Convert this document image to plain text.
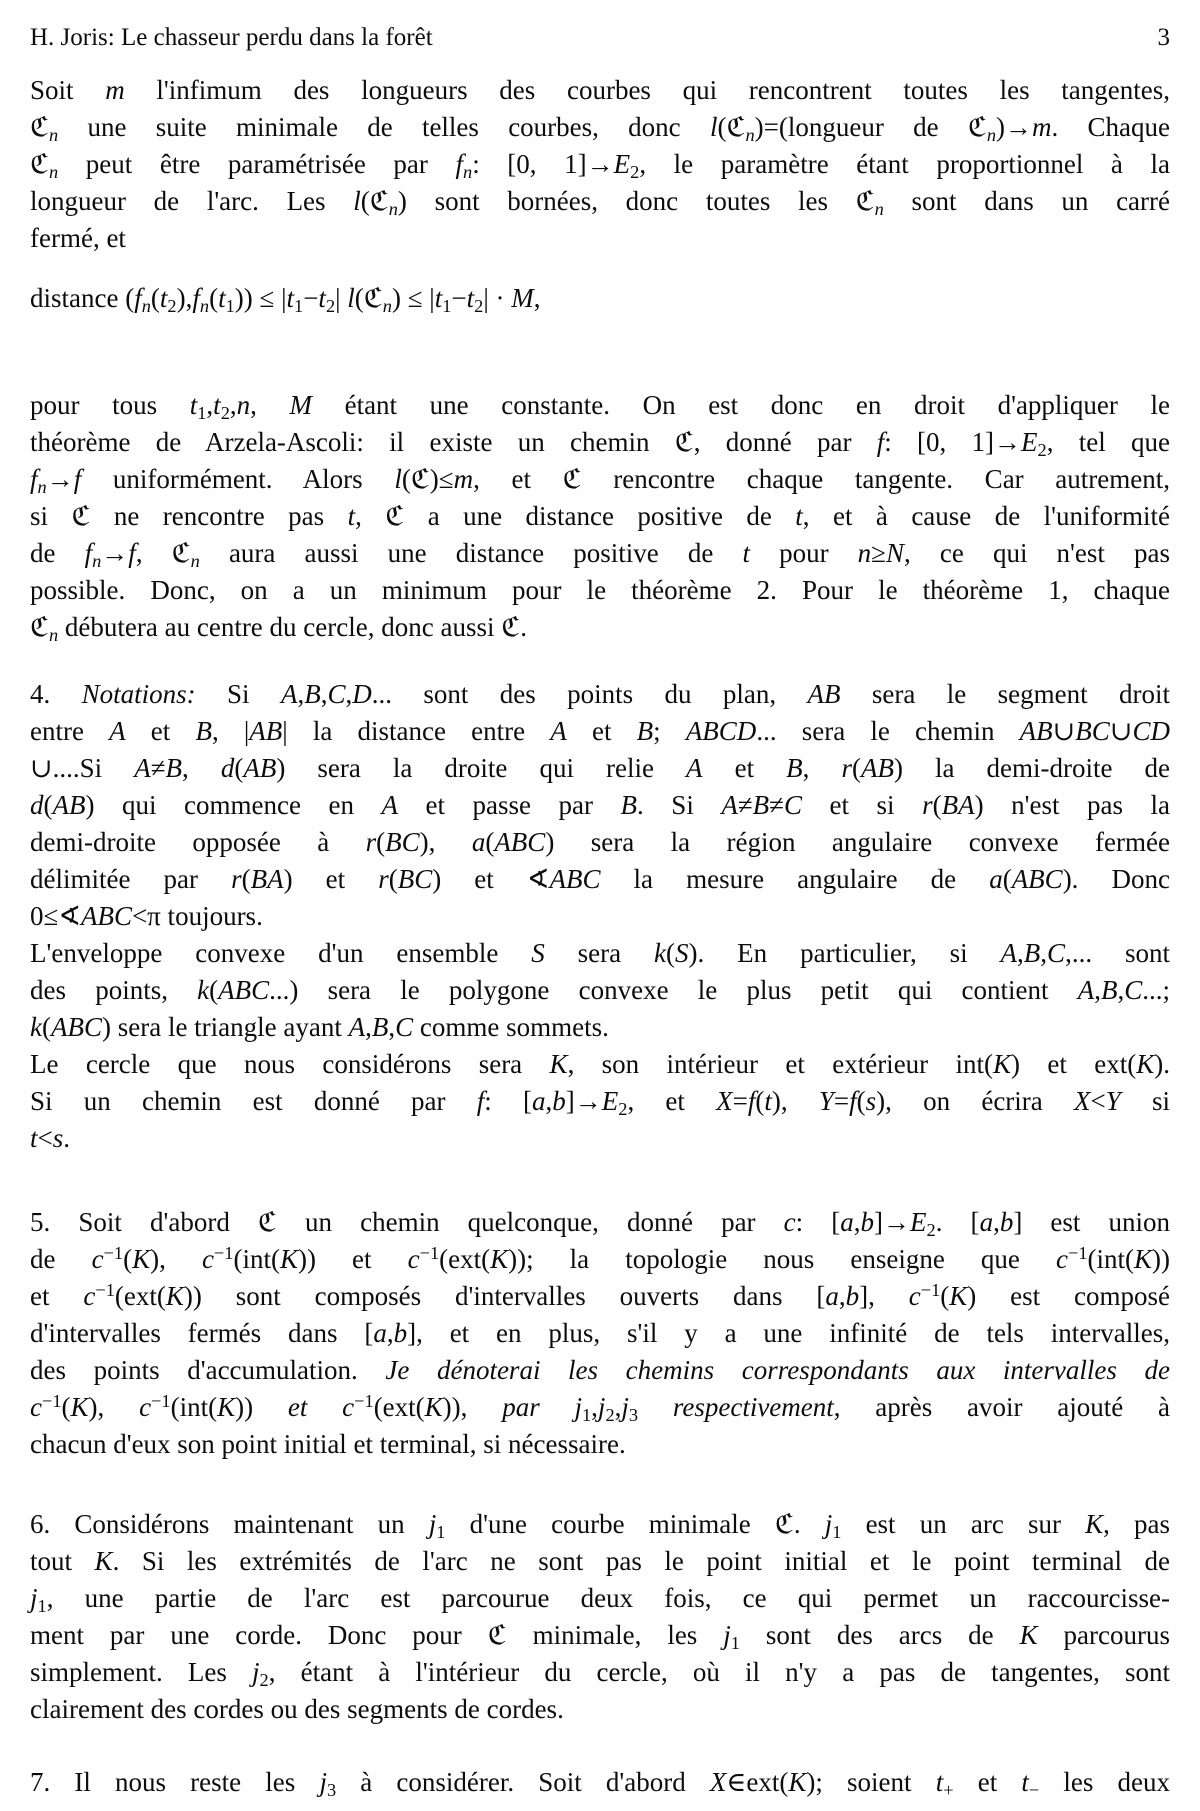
H. Joris: Le chasseur perdu dans la forêt	3
Soit m l'infimum des longueurs des courbes qui rencontrent toutes les tangentes,
ℭ$_n$ une suite minimale de telles courbes, donc l(ℭ$_n$)=(longueur de ℭ$_n$)→m. Chaque
ℭ$_n$ peut être paramétrisée par $f_n$: [0, $1]\to E_2$, le paramètre étant proportionnel à la
longueur de l'arc. Les l(ℭ$_n$) sont bornées, donc toutes les ℭ$_n$ sont dans un carré
fermé, et
distance $(f_n(t_2),f_n(t_1)) \le |t_1-t_2|$ l(ℭ$_n$) ≤ $|t_1-t_2| \cdot M$,
pour tous $t_1,t_2,n$, M étant une constante. On est donc en droit d'appliquer le
théorème de Arzela-Ascoli: il existe un chemin ℭ, donné par f: [0, $1]\to E_2$, tel que
$f_n\to f$ uniformément. Alors l(ℭ)≤m, et ℭ rencontre chaque tangente. Car autrement,
si ℭ ne rencontre pas t, ℭ a une distance positive de t, et à cause de l'uniformité
de $f_n\to f$, ℭ$_n$ aura aussi une distance positive de t pour n≥N, ce qui n'est pas
possible. Donc, on a un minimum pour le théorème 2. Pour le théorème 1, chaque
ℭ$_n$ débutera au centre du cercle, donc aussi ℭ.
4. Notations: Si A,B,C,D... sont des points du plan, AB sera le segment droit
entre A et B, |AB| la distance entre A et B; ABCD... sera le chemin AB∪BC∪CD
∪....Si A≠B, d(AB) sera la droite qui relie A et B, r(AB) la demi-droite de
d(AB) qui commence en A et passe par B. Si A≠B≠C et si r(BA) n'est pas la
demi-droite opposée à r(BC), a(ABC) sera la région angulaire convexe fermée
délimitée par r(BA) et r(BC) et ∢ABC la mesure angulaire de a(ABC). Donc
0≤∢ABC<π toujours.
L'enveloppe convexe d'un ensemble S sera k(S). En particulier, si A,B,C,... sont
des points, k(ABC...) sera le polygone convexe le plus petit qui contient A,B,C...;
k(ABC) sera le triangle ayant A,B,C comme sommets.
Le cercle que nous considérons sera K, son intérieur et extérieur int(K) et ext(K).
Si un chemin est donné par f: $[a,b]\to E_2$, et X=f(t), Y=f(s), on écrira X<Y si
t<s.
5. Soit d'abord ℭ un chemin quelconque, donné par c: $[a,b]\to E_2$. [a,b] est union
de $c^{-1}(K)$, $c^{-1}(int(K))$ et $c^{-1}(ext(K))$; la topologie nous enseigne que $c^{-1}(int(K))$
et $c^{-1}(ext(K))$ sont composés d'intervalles ouverts dans [a,b], $c^{-1}(K)$ est composé
d'intervalles fermés dans [a,b], et en plus, s'il y a une infinité de tels intervalles,
des points d'accumulation. Je dénoterai les chemins correspondants aux intervalles de
$c^{-1}(K)$, $c^{-1}(int(K))$ et $c^{-1}(ext(K))$, par $j_1,j_2,j_3$ respectivement, après avoir ajouté à
chacun d'eux son point initial et terminal, si nécessaire.
6. Considérons maintenant un $j_1$ d'une courbe minimale ℭ. $j_1$ est un arc sur K, pas
tout K. Si les extrémités de l'arc ne sont pas le point initial et le point terminal de
$j_1$, une partie de l'arc est parcourue deux fois, ce qui permet un raccourcisse-
ment par une corde. Donc pour ℭ minimale, les $j_1$ sont des arcs de K parcourus
simplement. Les $j_2$, étant à l'intérieur du cercle, où il n'y a pas de tangentes, sont
clairement des cordes ou des segments de cordes.
7. Il nous reste les $j_3$ à considérer. Soit d'abord X∈ext(K); soient $t_+$ et $t_-$ les deux
